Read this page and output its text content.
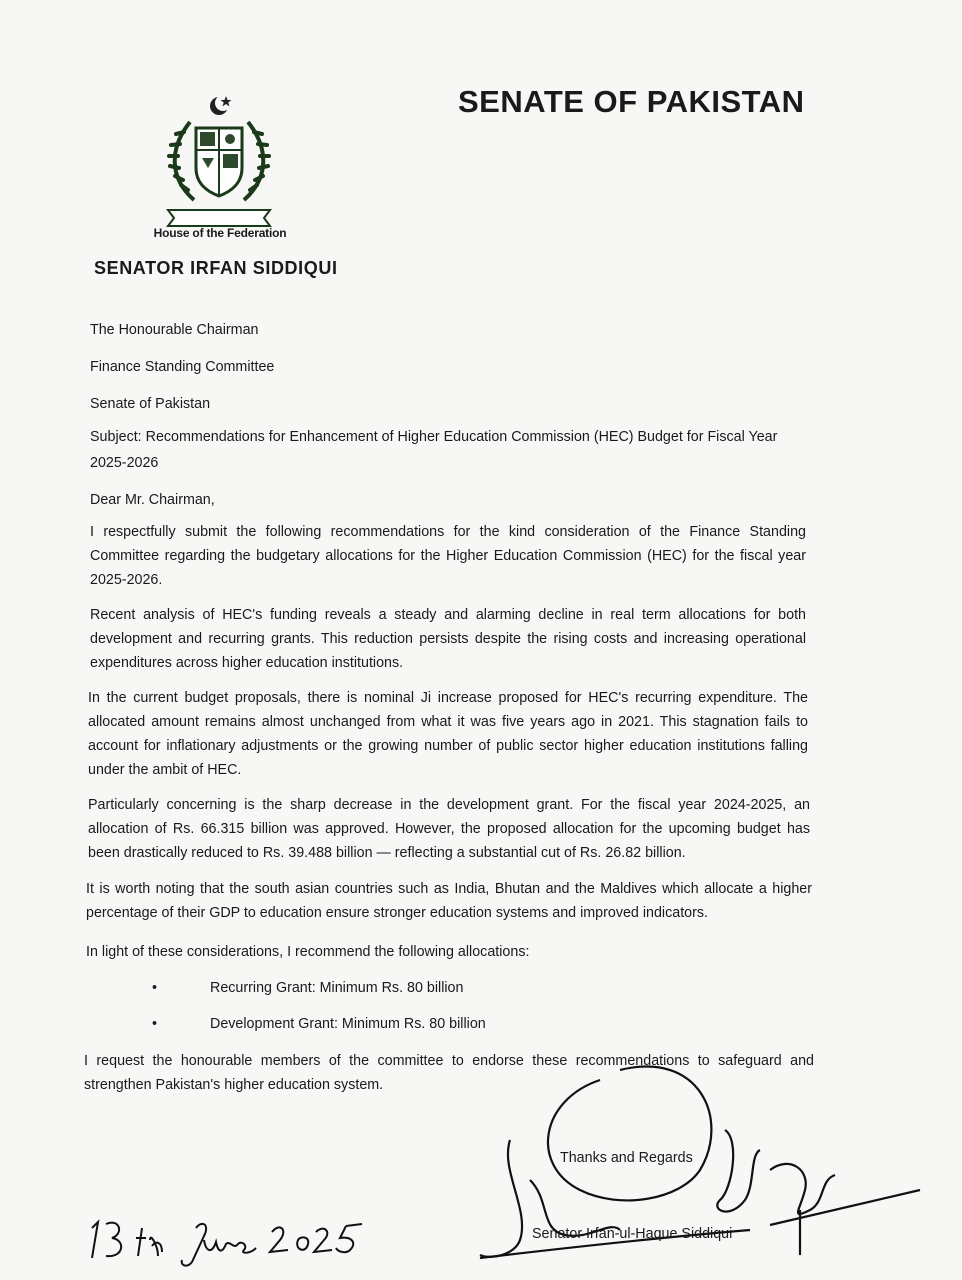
House of the Federation
SENATE OF PAKISTAN
SENATOR IRFAN SIDDIQUI
The Honourable Chairman
Finance Standing Committee
Senate of Pakistan
Subject: Recommendations for Enhancement of Higher Education Commission (HEC) Budget for Fiscal Year
2025-2026
Dear Mr. Chairman,
I respectfully submit the following recommendations for the kind consideration of the Finance Standing Committee regarding the budgetary allocations for the Higher Education Commission (HEC) for the fiscal year 2025-2026.
Recent analysis of HEC's funding reveals a steady and alarming decline in real term allocations for both development and recurring grants. This reduction persists despite the rising costs and increasing operational expenditures across higher education institutions.
In the current budget proposals, there is nominal Ji increase proposed for HEC's recurring expenditure. The allocated amount remains almost unchanged from what it was five years ago in 2021. This stagnation fails to account for inflationary adjustments or the growing number of public sector higher education institutions falling under the ambit of HEC.
Particularly concerning is the sharp decrease in the development grant. For the fiscal year 2024-2025, an allocation of Rs. 66.315 billion was approved. However, the proposed allocation for the upcoming budget has been drastically reduced to Rs. 39.488 billion — reflecting a substantial cut of Rs. 26.82 billion.
It is worth noting that the south asian countries such as India, Bhutan and the Maldives which allocate a higher percentage of their GDP to education ensure stronger education systems and improved indicators.
In light of these considerations, I recommend the following allocations:
•	Recurring Grant: Minimum Rs. 80 billion
•	Development Grant: Minimum Rs. 80 billion
I request the honourable members of the committee to endorse these recommendations to safeguard and strengthen Pakistan's higher education system.
Thanks and Regards
Senator Irfan-ul-Haque Siddiqui
